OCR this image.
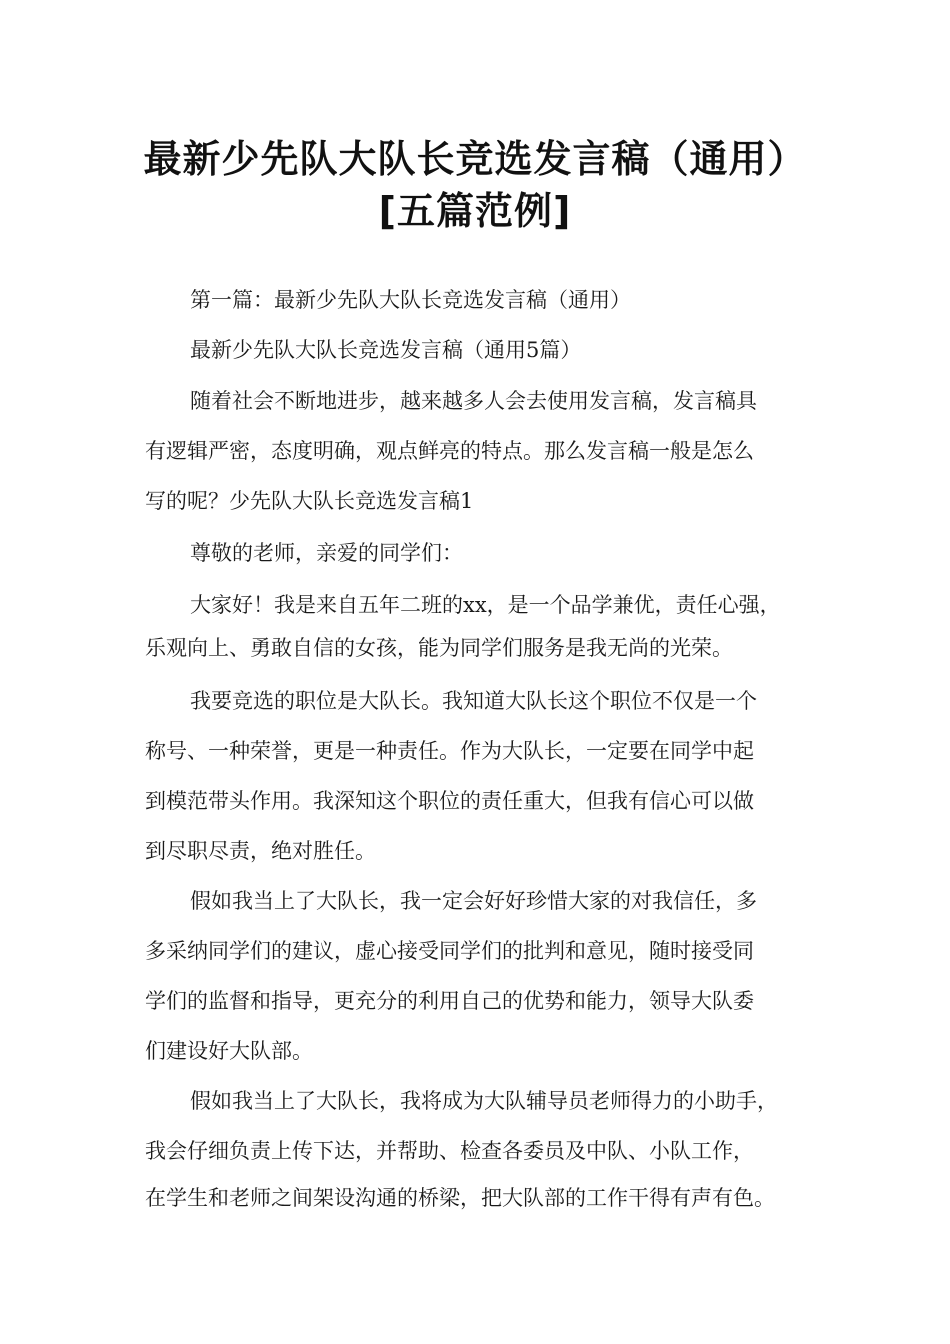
最新少先队大队长竞选发言稿（通用）
[五篇范例]
第一篇：最新少先队大队长竞选发言稿（通用）
最新少先队大队长竞选发言稿（通用5篇）
随着社会不断地进步，越来越多人会去使用发言稿，发言稿具
有逻辑严密，态度明确，观点鲜亮的特点。那么发言稿一般是怎么
写的呢？少先队大队长竞选发言稿1
尊敬的老师，亲爱的同学们：
大家好！我是来自五年二班的xx，是一个品学兼优，责任心强，
乐观向上、勇敢自信的女孩，能为同学们服务是我无尚的光荣。
我要竞选的职位是大队长。我知道大队长这个职位不仅是一个
称号、一种荣誉，更是一种责任。作为大队长，一定要在同学中起
到模范带头作用。我深知这个职位的责任重大，但我有信心可以做
到尽职尽责，绝对胜任。
假如我当上了大队长，我一定会好好珍惜大家的对我信任，多
多采纳同学们的建议，虚心接受同学们的批判和意见，随时接受同
学们的监督和指导，更充分的利用自己的优势和能力，领导大队委
们建设好大队部。
假如我当上了大队长，我将成为大队辅导员老师得力的小助手，
我会仔细负责上传下达，并帮助、检查各委员及中队、小队工作，
在学生和老师之间架设沟通的桥梁，把大队部的工作干得有声有色。
